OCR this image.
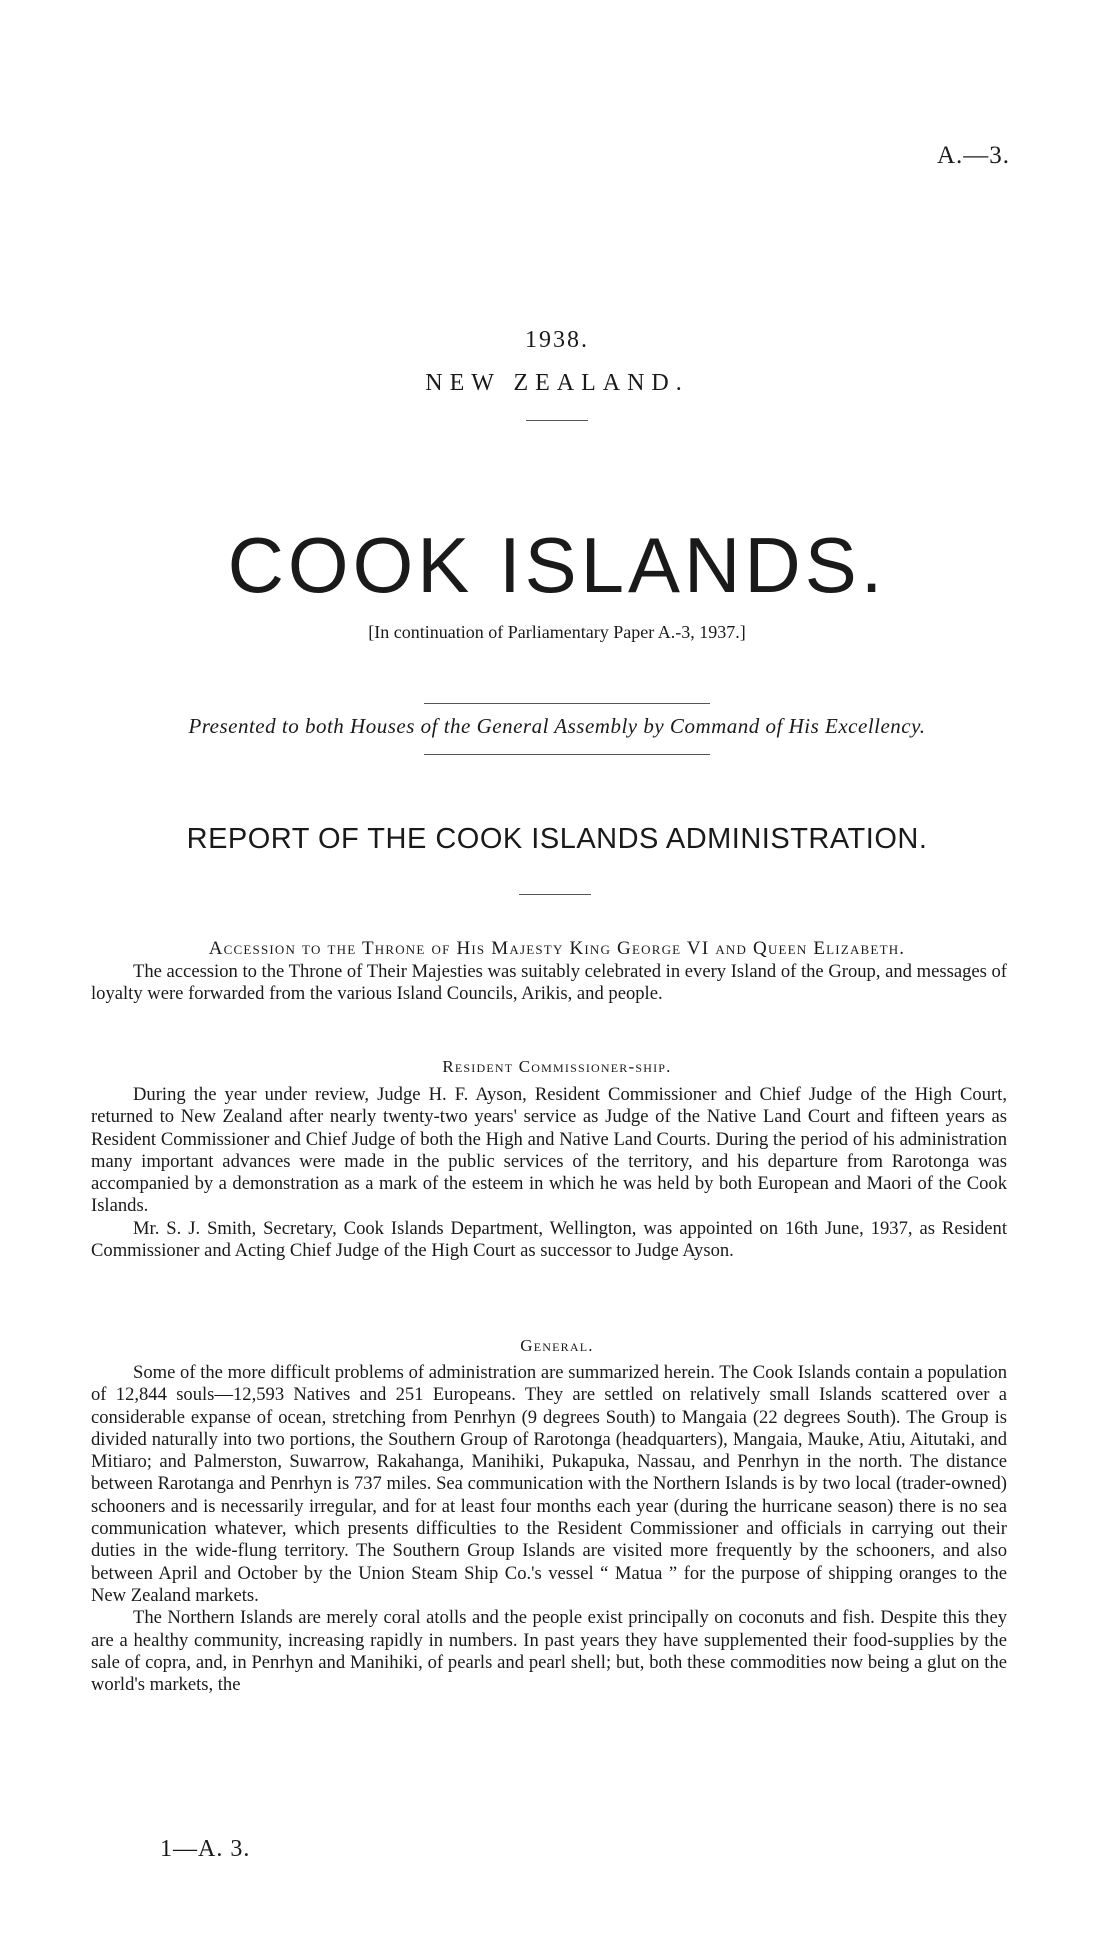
A.—3.
1938.
NEW ZEALAND.
COOK ISLANDS.
[In continuation of Parliamentary Paper A.-3, 1937.]
Presented to both Houses of the General Assembly by Command of His Excellency.
REPORT OF THE COOK ISLANDS ADMINISTRATION.
Accession to the Throne of His Majesty King George VI and Queen Elizabeth.

The accession to the Throne of Their Majesties was suitably celebrated in every Island of the Group, and messages of loyalty were forwarded from the various Island Councils, Arikis, and people.

Resident Commissioner-ship.

During the year under review, Judge H. F. Ayson, Resident Commissioner and Chief Judge of the High Court, returned to New Zealand after nearly twenty-two years' service as Judge of the Native Land Court and fifteen years as Resident Commissioner and Chief Judge of both the High and Native Land Courts. During the period of his administration many important advances were made in the public services of the territory, and his departure from Rarotonga was accompanied by a demonstration as a mark of the esteem in which he was held by both European and Maori of the Cook Islands.

Mr. S. J. Smith, Secretary, Cook Islands Department, Wellington, was appointed on 16th June, 1937, as Resident Commissioner and Acting Chief Judge of the High Court as successor to Judge Ayson.

General.

Some of the more difficult problems of administration are summarized herein. The Cook Islands contain a population of 12,844 souls—12,593 Natives and 251 Europeans. They are settled on relatively small Islands scattered over a considerable expanse of ocean, stretching from Penrhyn (9 degrees South) to Mangaia (22 degrees South). The Group is divided naturally into two portions, the Southern Group of Rarotonga (headquarters), Mangaia, Mauke, Atiu, Aitutaki, and Mitiaro; and Palmerston, Suwarrow, Rakahanga, Manihiki, Pukapuka, Nassau, and Penrhyn in the north. The distance between Rarotanga and Penrhyn is 737 miles. Sea communication with the Northern Islands is by two local (trader-owned) schooners and is necessarily irregular, and for at least four months each year (during the hurricane season) there is no sea communication whatever, which presents difficulties to the Resident Commissioner and officials in carrying out their duties in the wide-flung territory. The Southern Group Islands are visited more frequently by the schooners, and also between April and October by the Union Steam Ship Co.'s vessel “ Matua ” for the purpose of shipping oranges to the New Zealand markets.

The Northern Islands are merely coral atolls and the people exist principally on coconuts and fish. Despite this they are a healthy community, increasing rapidly in numbers. In past years they have supplemented their food-supplies by the sale of copra, and, in Penrhyn and Manihiki, of pearls and pearl shell; but, both these commodities now being a glut on the world's markets, the

1—A. 3.
